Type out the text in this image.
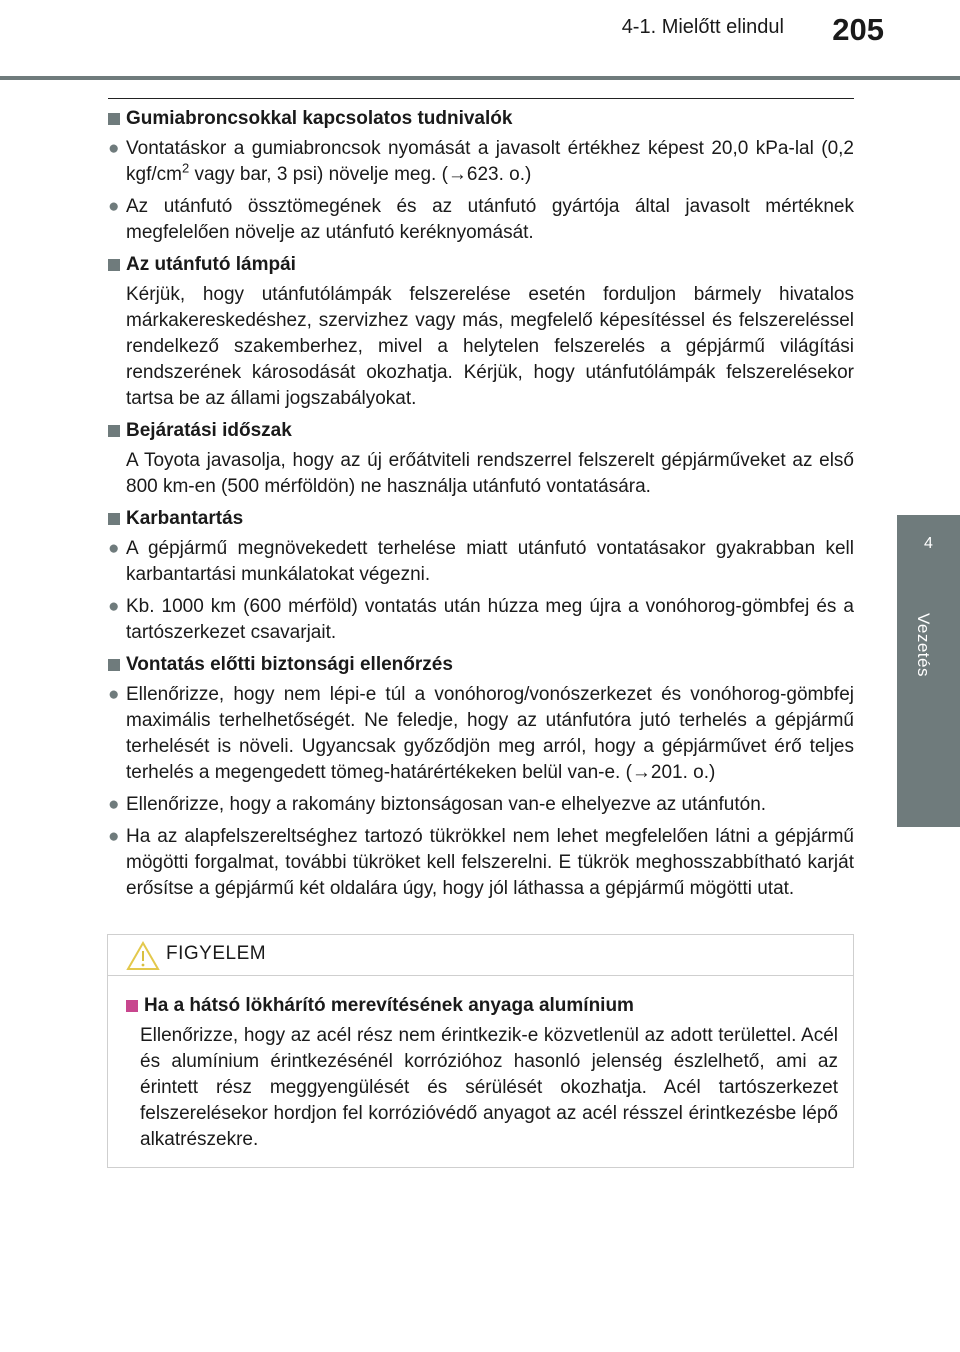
4-1. Mielőtt elindul 205
4
Vezetés
Gumiabroncsokkal kapcsolatos tudnivalók
● Vontatáskor a gumiabroncsok nyomását a javasolt értékhez képest 20,0 kPa-lal (0,2 kgf/$cm^2$ vagy bar, 3 psi) növelje meg. (→623. o.)
● Az utánfutó össztömegének és az utánfutó gyártója által javasolt mértéknek megfelelően növelje az utánfutó keréknyomását.
Az utánfutó lámpái
Kérjük, hogy utánfutólámpák felszerelése esetén forduljon bármely hivatalos márkakereskedéshez, szervizhez vagy más, megfelelő képesítéssel és felszereléssel rendelkező szakemberhez, mivel a helytelen felszerelés a gépjármű világítási rendszerének károsodását okozhatja. Kérjük, hogy utánfutólámpák felszerelésekor tartsa be az állami jogszabályokat.
Bejáratási időszak
A Toyota javasolja, hogy az új erőátviteli rendszerrel felszerelt gépjárműveket az első 800 km-en (500 mérföldön) ne használja utánfutó vontatására.
Karbantartás
● A gépjármű megnövekedett terhelése miatt utánfutó vontatásakor gyakrabban kell karbantartási munkálatokat végezni.
● Kb. 1000 km (600 mérföld) vontatás után húzza meg újra a vonóhorog-gömbfej és a tartószerkezet csavarjait.
Vontatás előtti biztonsági ellenőrzés
● Ellenőrizze, hogy nem lépi-e túl a vonóhorog/vonószerkezet és vonóhorog-gömbfej maximális terhelhetőségét. Ne feledje, hogy az utánfutóra jutó terhelés a gépjármű terhelését is növeli. Ugyancsak győződjön meg arról, hogy a gépjárművet érő teljes terhelés a megengedett tömeg-határértékeken belül van-e. (→201. o.)
● Ellenőrizze, hogy a rakomány biztonságosan van-e elhelyezve az utánfutón.
● Ha az alapfelszereltséghez tartozó tükrökkel nem lehet megfelelően látni a gépjármű mögötti forgalmat, további tükröket kell felszerelni. E tükrök meghosszabbítható karját erősítse a gépjármű két oldalára úgy, hogy jól láthassa a gépjármű mögötti utat.
FIGYELEM
Ha a hátsó lökhárító merevítésének anyaga alumínium
Ellenőrizze, hogy az acél rész nem érintkezik-e közvetlenül az adott területtel. Acél és alumínium érintkezésénél korrózióhoz hasonló jelenség észlelhető, ami az érintett rész meggyengülését és sérülését okozhatja. Acél tartószerkezet felszerelésekor hordjon fel korrózióvédő anyagot az acél résszel érintkezésbe lépő alkatrészekre.
